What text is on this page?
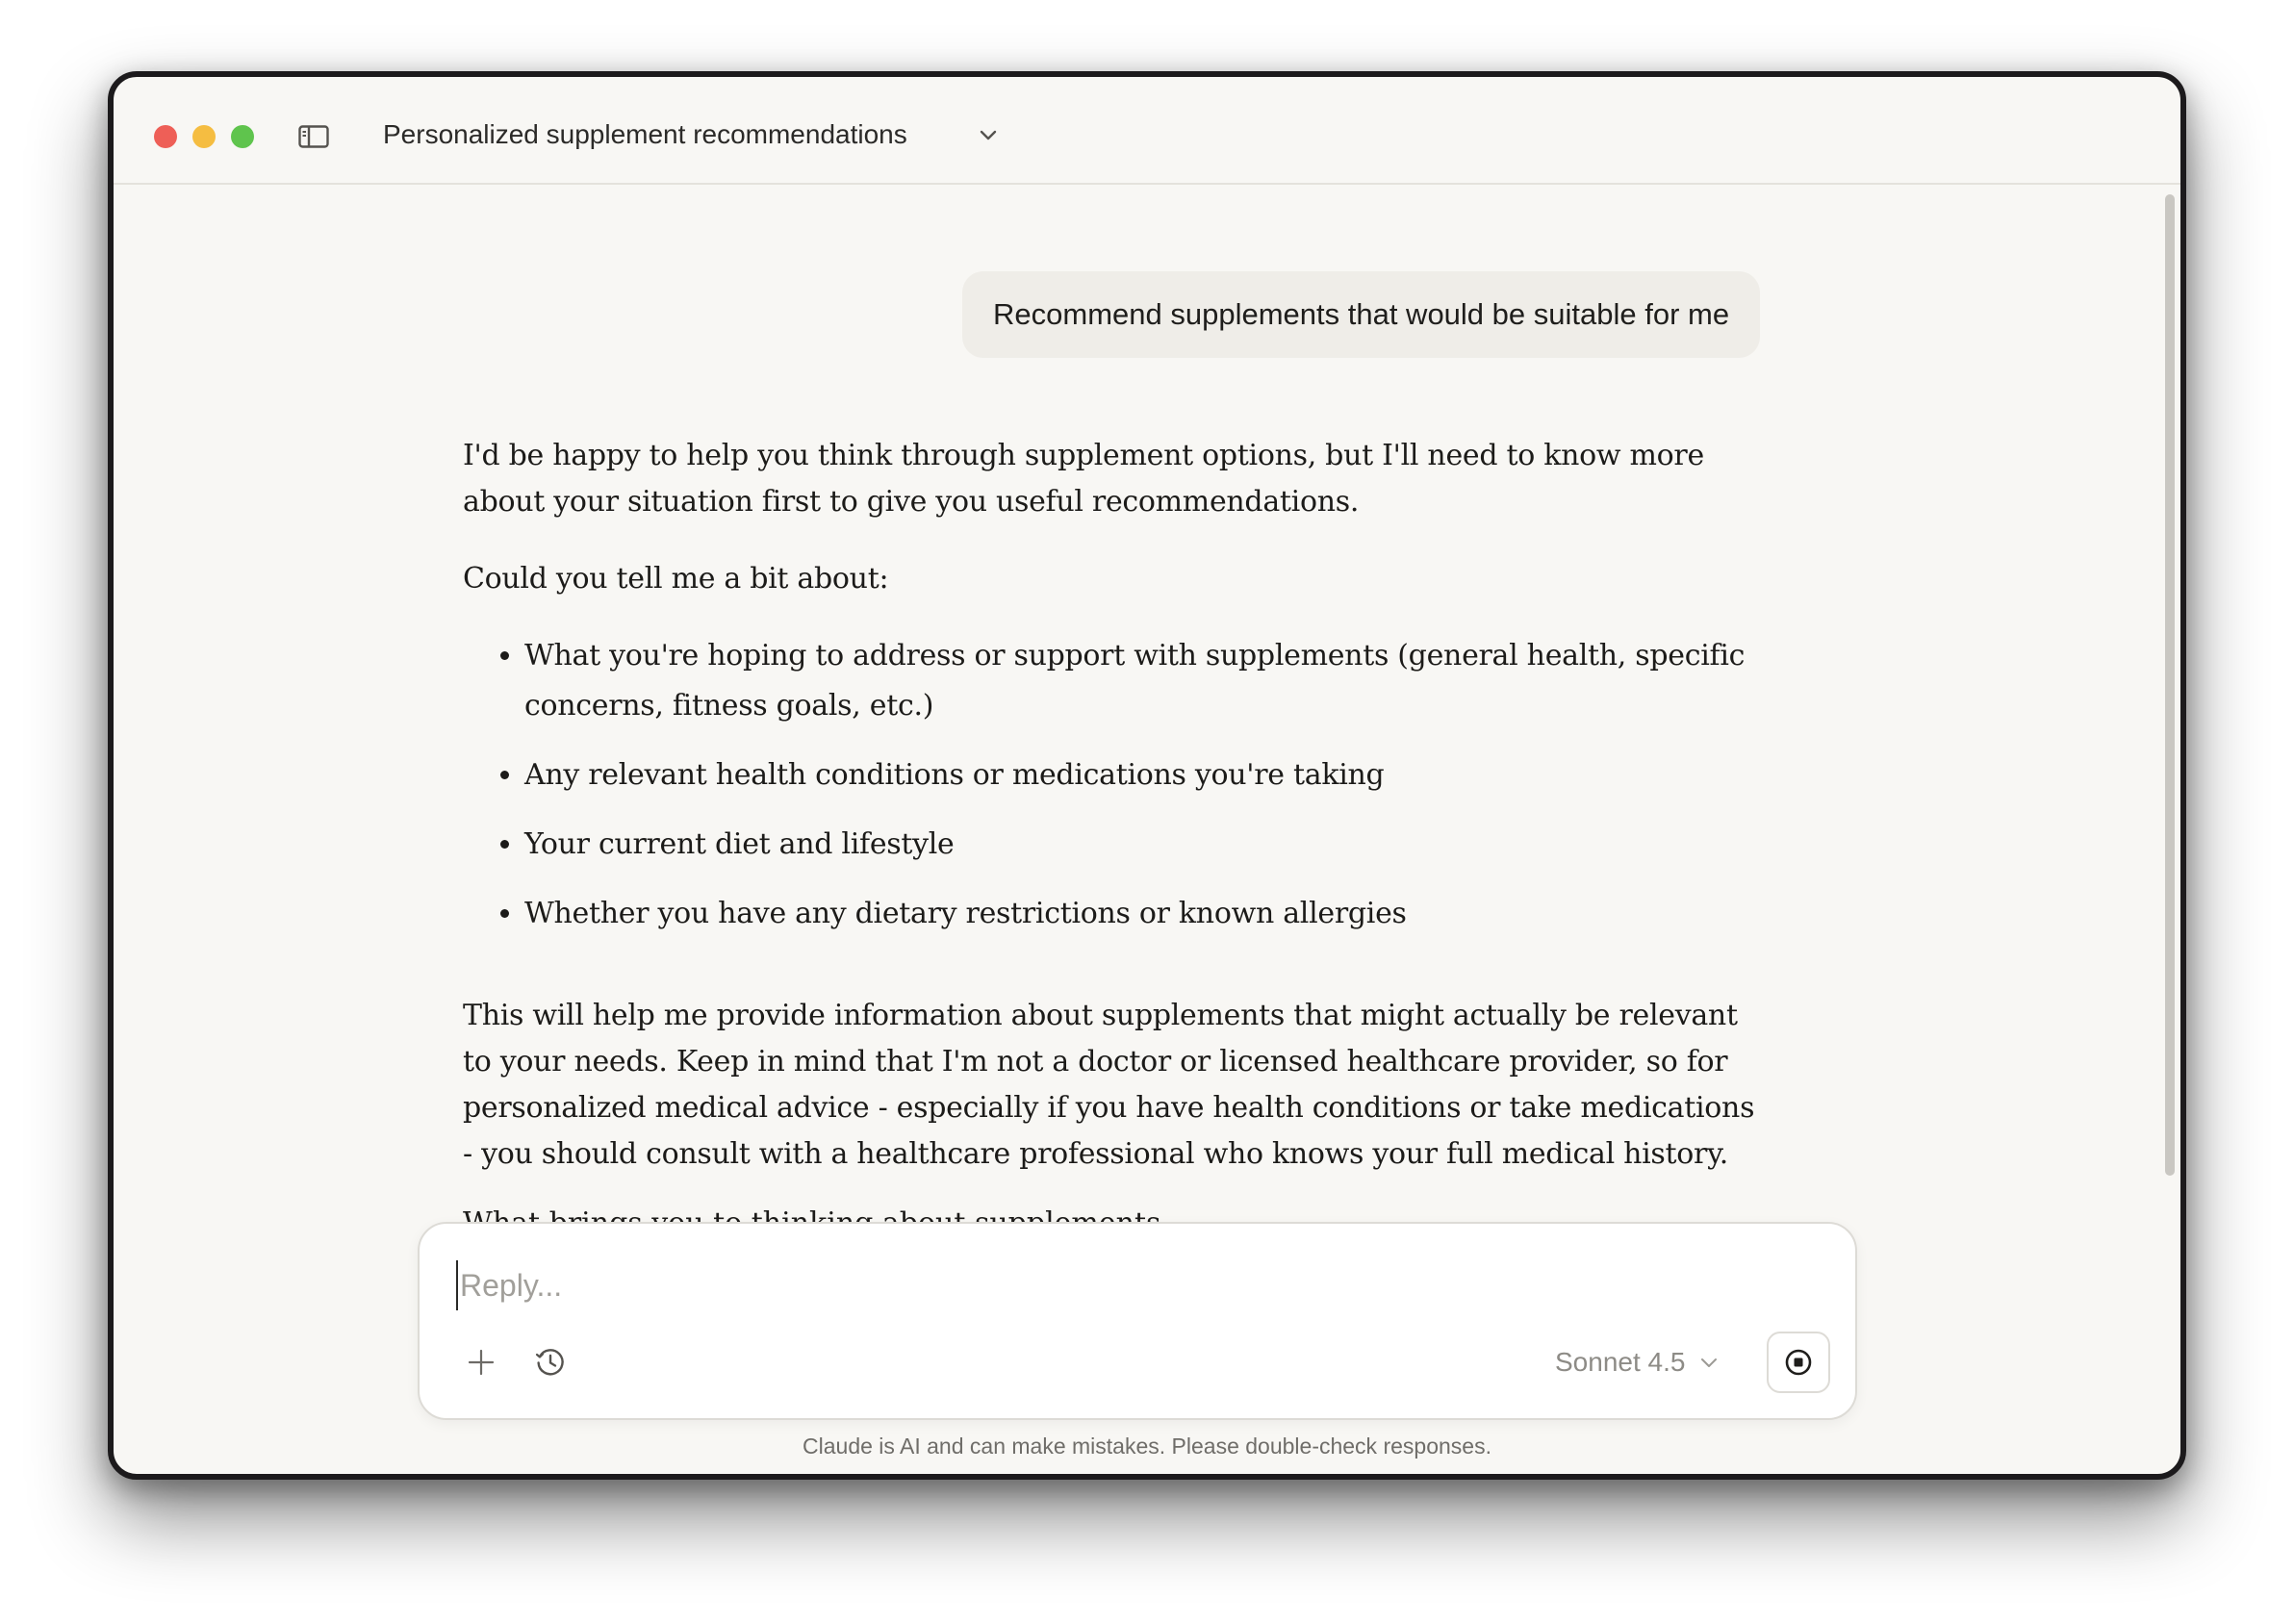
Personalized supplement recommendations
Recommend supplements that would be suitable for me

I'd be happy to help you think through supplement options, but I'll need to know more about your situation first to give you useful recommendations.

Could you tell me a bit about:

• What you're hoping to address or support with supplements (general health, specific concerns, fitness goals, etc.)
• Any relevant health conditions or medications you're taking
• Your current diet and lifestyle
• Whether you have any dietary restrictions or known allergies

This will help me provide information about supplements that might actually be relevant to your needs. Keep in mind that I'm not a doctor or licensed healthcare provider, so for personalized medical advice - especially if you have health conditions or take medications - you should consult with a healthcare professional who knows your full medical history.

Reply...
Sonnet 4.5
Claude is AI and can make mistakes. Please double-check responses.
